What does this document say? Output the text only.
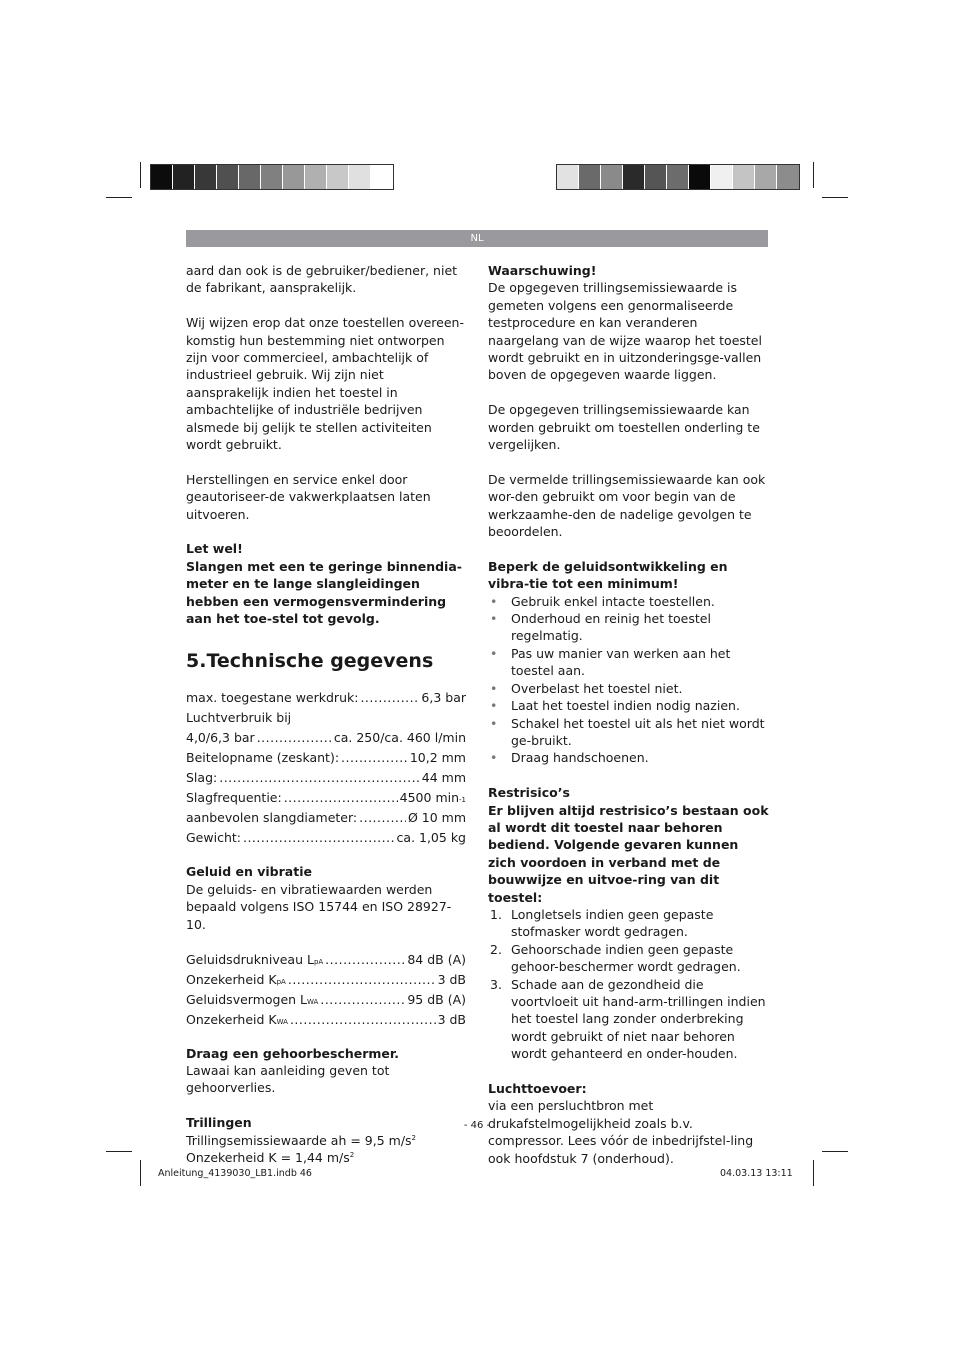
NL

aard dan ook is de gebruiker/bediener, niet de fabrikant, aansprakelijk.

Wij wijzen erop dat onze toestellen overeen-komstig hun bestemming niet ontworpen zijn voor commercieel, ambachtelijk of industrieel gebruik. Wij zijn niet aansprakelijk indien het toestel in ambachtelijke of industriële bedrijven alsmede bij gelijk te stellen activiteiten wordt gebruikt.

Herstellingen en service enkel door geautoriseer-de vakwerkplaatsen laten uitvoeren.

Let wel!

Slangen met een te geringe binnendia-meter en te lange slangleidingen hebben een vermogensvermindering aan het toe-stel tot gevolg.

5.Technische gegevens
max. toegestane werkdruk: .....	6,3 bar
Luchtverbruik bij
4,0/6,3 bar .....	ca. 250/ca. 460 l/min
Beitelopname (zeskant): .....	10,2 mm
Slag: .....	44 mm
Slagfrequentie: .....	4500 min -1
aanbevolen slangdiameter: .....	Ø 10 mm
Gewicht: .....	ca. 1,05 kg

Geluid en vibratie

De geluids- en vibratiewaarden werden bepaald volgens ISO 15744 en ISO 28927-10.

Geluidsdrukniveau L pA .....	84 dB (A)
Onzekerheid K pA .....	3 dB
Geluidsvermogen L WA .....	95 dB (A)
Onzekerheid K WA .....	3 dB

Draag een gehoorbeschermer.

Lawaai kan aanleiding geven tot gehoorverlies.

Trillingen

Trillingsemissiewaarde ah = 9,5 $m/s^2$

Onzekerheid K = 1,44 $m/s^2$

Waarschuwing!

De opgegeven trillingsemissiewaarde is gemeten volgens een genormaliseerde testprocedure en kan veranderen naargelang van de wijze waarop het toestel wordt gebruikt en in uitzonderingsge-vallen boven de opgegeven waarde liggen.

De opgegeven trillingsemissiewaarde kan worden gebruikt om toestellen onderling te vergelijken.

De vermelde trillingsemissiewaarde kan ook wor-den gebruikt om voor begin van de werkzaamhe-den de nadelige gevolgen te beoordelen.

Beperk de geluidsontwikkeling en vibra-tie tot een minimum!

• Gebruik enkel intacte toestellen.
• Onderhoud en reinig het toestel regelmatig.
• Pas uw manier van werken aan het toestel aan.
• Overbelast het toestel niet.
• Laat het toestel indien nodig nazien.
• Schakel het toestel uit als het niet wordt ge-bruikt.
• Draag handschoenen.

Restrisico’s

Er blijven altijd restrisico’s bestaan ook al wordt dit toestel naar behoren bediend. Volgende gevaren kunnen zich voordoen in verband met de bouwwijze en uitvoe-ring van dit toestel:

1. Longletsels indien geen gepaste stofmasker wordt gedragen.
2. Gehoorschade indien geen gepaste gehoor-beschermer wordt gedragen.
3. Schade aan de gezondheid die voortvloeit uit hand-arm-trillingen indien het toestel lang zonder onderbreking wordt gebruikt of niet naar behoren wordt gehanteerd en onder-houden.

Luchttoevoer:

via een persluchtbron met drukafstelmogelijkheid zoals b.v. compressor. Lees vóór de inbedrijfstel-ling ook hoofdstuk 7 (onderhoud).

- 46 -
Anleitung_4139030_LB1.indb 46	04.03.13 13:11
